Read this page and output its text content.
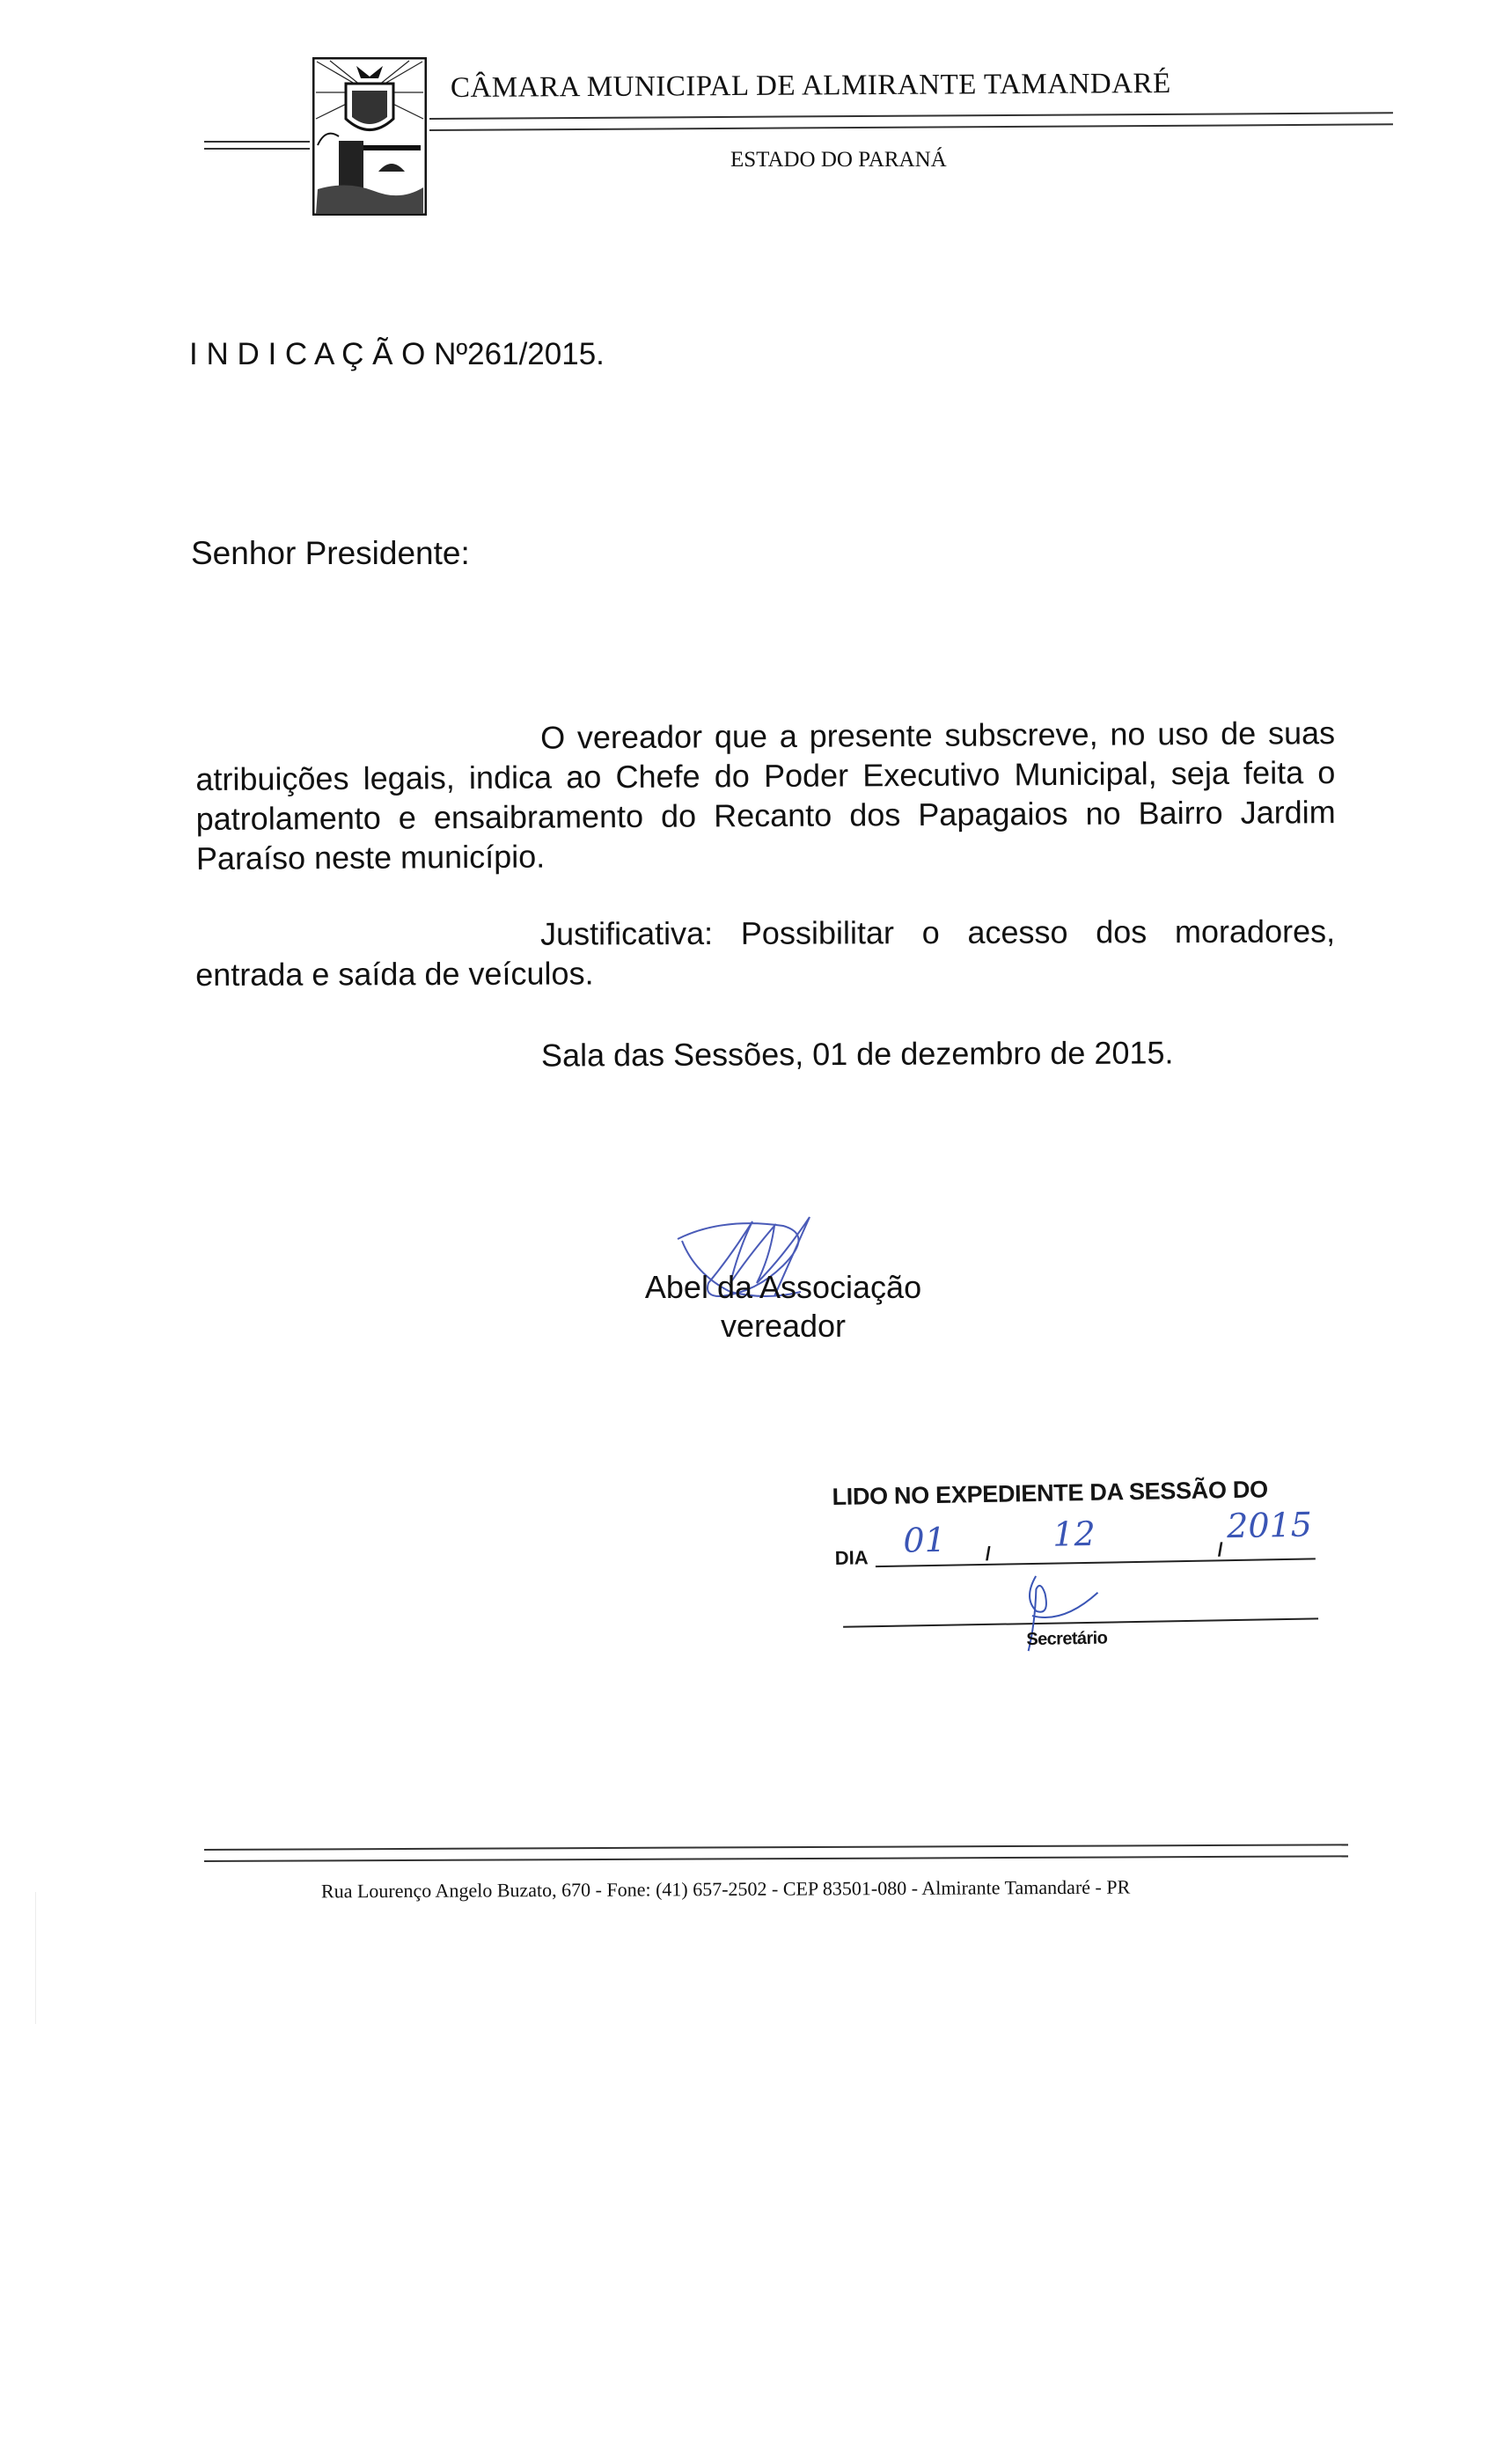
CÂMARA MUNICIPAL DE ALMIRANTE TAMANDARÉ
ESTADO DO PARANÁ
I N D I C A Ç Ã O Nº261/2015.
Senhor Presidente:
O vereador que a presente subscreve, no uso de suas atribuições legais, indica ao Chefe do Poder Executivo Municipal, seja feita o patrolamento e ensaibramento do Recanto dos Papagaios no Bairro Jardim Paraíso neste município.
Justificativa: Possibilitar o acesso dos moradores, entrada e saída de veículos.
Sala das Sessões, 01 de dezembro de 2015.
Abel da Associação
vereador
LIDO NO EXPEDIENTE DA SESSÃO DO
DIA	/	/
01	12	2015
Secretário
Rua Lourenço Angelo Buzato, 670 - Fone: (41) 657-2502 - CEP 83501-080 - Almirante Tamandaré - PR
